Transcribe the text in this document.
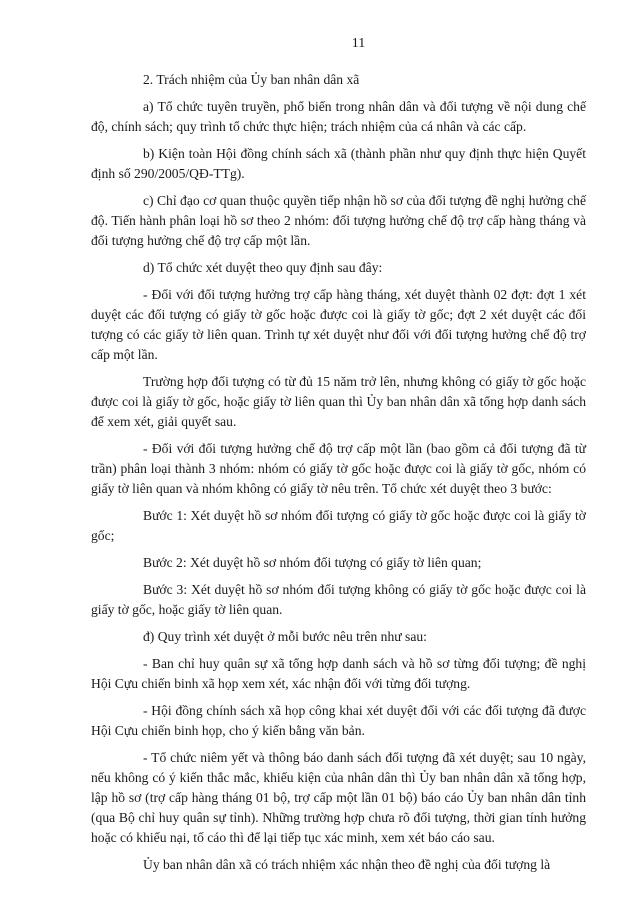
11

2. Trách nhiệm của Ủy ban nhân dân xã

a) Tổ chức tuyên truyền, phổ biến trong nhân dân và đối tượng về nội dung chế độ, chính sách; quy trình tổ chức thực hiện; trách nhiệm của cá nhân và các cấp.

b) Kiện toàn Hội đồng chính sách xã (thành phần như quy định thực hiện Quyết định số 290/2005/QĐ-TTg).

c) Chỉ đạo cơ quan thuộc quyền tiếp nhận hồ sơ của đối tượng đề nghị hưởng chế độ. Tiến hành phân loại hồ sơ theo 2 nhóm: đối tượng hưởng chế độ trợ cấp hàng tháng và đối tượng hưởng chế độ trợ cấp một lần.

d) Tổ chức xét duyệt theo quy định sau đây:

- Đối với đối tượng hưởng trợ cấp hàng tháng, xét duyệt thành 02 đợt: đợt 1 xét duyệt các đối tượng có giấy tờ gốc hoặc được coi là giấy tờ gốc; đợt 2 xét duyệt các đối tượng có các giấy tờ liên quan. Trình tự xét duyệt như đối với đối tượng hưởng chế độ trợ cấp một lần.

Trường hợp đối tượng có từ đủ 15 năm trở lên, nhưng không có giấy tờ gốc hoặc được coi là giấy tờ gốc, hoặc giấy tờ liên quan thì Ủy ban nhân dân xã tổng hợp danh sách để xem xét, giải quyết sau.

- Đối với đối tượng hưởng chế độ trợ cấp một lần (bao gồm cả đối tượng đã từ trần) phân loại thành 3 nhóm: nhóm có giấy tờ gốc hoặc được coi là giấy tờ gốc, nhóm có giấy tờ liên quan và nhóm không có giấy tờ nêu trên. Tổ chức xét duyệt theo 3 bước:

Bước 1: Xét duyệt hồ sơ nhóm đối tượng có giấy tờ gốc hoặc được coi là giấy tờ gốc;

Bước 2: Xét duyệt hồ sơ nhóm đối tượng có giấy tờ liên quan;

Bước 3: Xét duyệt hồ sơ nhóm đối tượng không có giấy tờ gốc hoặc được coi là giấy tờ gốc, hoặc giấy tờ liên quan.

đ) Quy trình xét duyệt ở mỗi bước nêu trên như sau:

- Ban chỉ huy quân sự xã tổng hợp danh sách và hồ sơ từng đối tượng; đề nghị Hội Cựu chiến binh xã họp xem xét, xác nhận đối với từng đối tượng.

- Hội đồng chính sách xã họp công khai xét duyệt đối với các đối tượng đã được Hội Cựu chiến binh họp, cho ý kiến bằng văn bản.

- Tổ chức niêm yết và thông báo danh sách đối tượng đã xét duyệt; sau 10 ngày, nếu không có ý kiến thắc mắc, khiếu kiện của nhân dân thì Ủy ban nhân dân xã tổng hợp, lập hồ sơ (trợ cấp hàng tháng 01 bộ, trợ cấp một lần 01 bộ) báo cáo Ủy ban nhân dân tỉnh (qua Bộ chỉ huy quân sự tỉnh). Những trường hợp chưa rõ đối tượng, thời gian tính hưởng hoặc có khiếu nại, tố cáo thì để lại tiếp tục xác minh, xem xét báo cáo sau.

Ủy ban nhân dân xã có trách nhiệm xác nhận theo đề nghị của đối tượng là
